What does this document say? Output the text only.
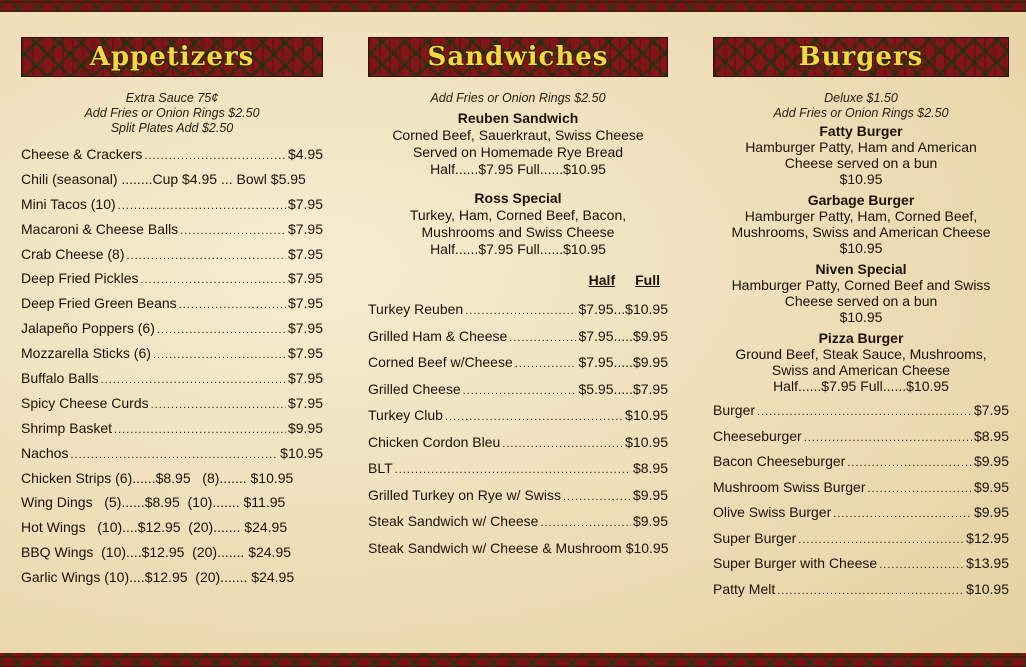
Appetizers
Extra Sauce 75¢
Add Fries or Onion Rings $2.50
Split Plates Add $2.50
Cheese & Crackers .....	$4.95
Chili (seasonal) ........Cup $4.95 ... Bowl $5.95
Mini Tacos (10) .....	$7.95
Macaroni & Cheese Balls .....	$7.95
Crab Cheese (8) .....	$7.95
Deep Fried Pickles .....	$7.95
Deep Fried Green Beans .....	$7.95
Jalapeño Poppers (6) .....	$7.95
Mozzarella Sticks (6) .....	$7.95
Buffalo Balls .....	$7.95
Spicy Cheese Curds .....	$7.95
Shrimp Basket .....	$9.95
Nachos .....	$10.95
Chicken Strips (6)......$8.95   (8)....... $10.95
Wing Dings   (5)......$8.95  (10)....... $11.95
Hot Wings   (10)....$12.95  (20)....... $24.95
BBQ Wings  (10)....$12.95  (20)....... $24.95
Garlic Wings (10)....$12.95  (20)....... $24.95
Sandwiches
Add Fries or Onion Rings $2.50
Reuben Sandwich
Corned Beef, Sauerkraut, Swiss Cheese
Served on Homemade Rye Bread
Half......$7.95 Full......$10.95
Ross Special
Turkey, Ham, Corned Beef, Bacon,
Mushrooms and Swiss Cheese
Half......$7.95 Full......$10.95
Half Full
Turkey Reuben .....	$7.95...$10.95
Grilled Ham & Cheese .....	$7.95.....$9.95
Corned Beef w/Cheese .....	$7.95.....$9.95
Grilled Cheese .....	$5.95.....$7.95
Turkey Club .....	$10.95
Chicken Cordon Bleu .....	$10.95
BLT .....	$8.95
Grilled Turkey on Rye w/ Swiss .....	$9.95
Steak Sandwich w/ Cheese .....	$9.95
Steak Sandwich w/ Cheese & Mushroom $10.95
Burgers
Deluxe $1.50
Add Fries or Onion Rings $2.50
Fatty Burger
Hamburger Patty, Ham and American
Cheese served on a bun
$10.95
Garbage Burger
Hamburger Patty, Ham, Corned Beef,
Mushrooms, Swiss and American Cheese
$10.95
Niven Special
Hamburger Patty, Corned Beef and Swiss
Cheese served on a bun
$10.95
Pizza Burger
Ground Beef, Steak Sauce, Mushrooms,
Swiss and American Cheese
Half......$7.95 Full......$10.95
Burger .....	$7.95
Cheeseburger .....	$8.95
Bacon Cheeseburger .....	$9.95
Mushroom Swiss Burger .....	$9.95
Olive Swiss Burger .....	$9.95
Super Burger .....	$12.95
Super Burger with Cheese .....	$13.95
Patty Melt .....	$10.95
